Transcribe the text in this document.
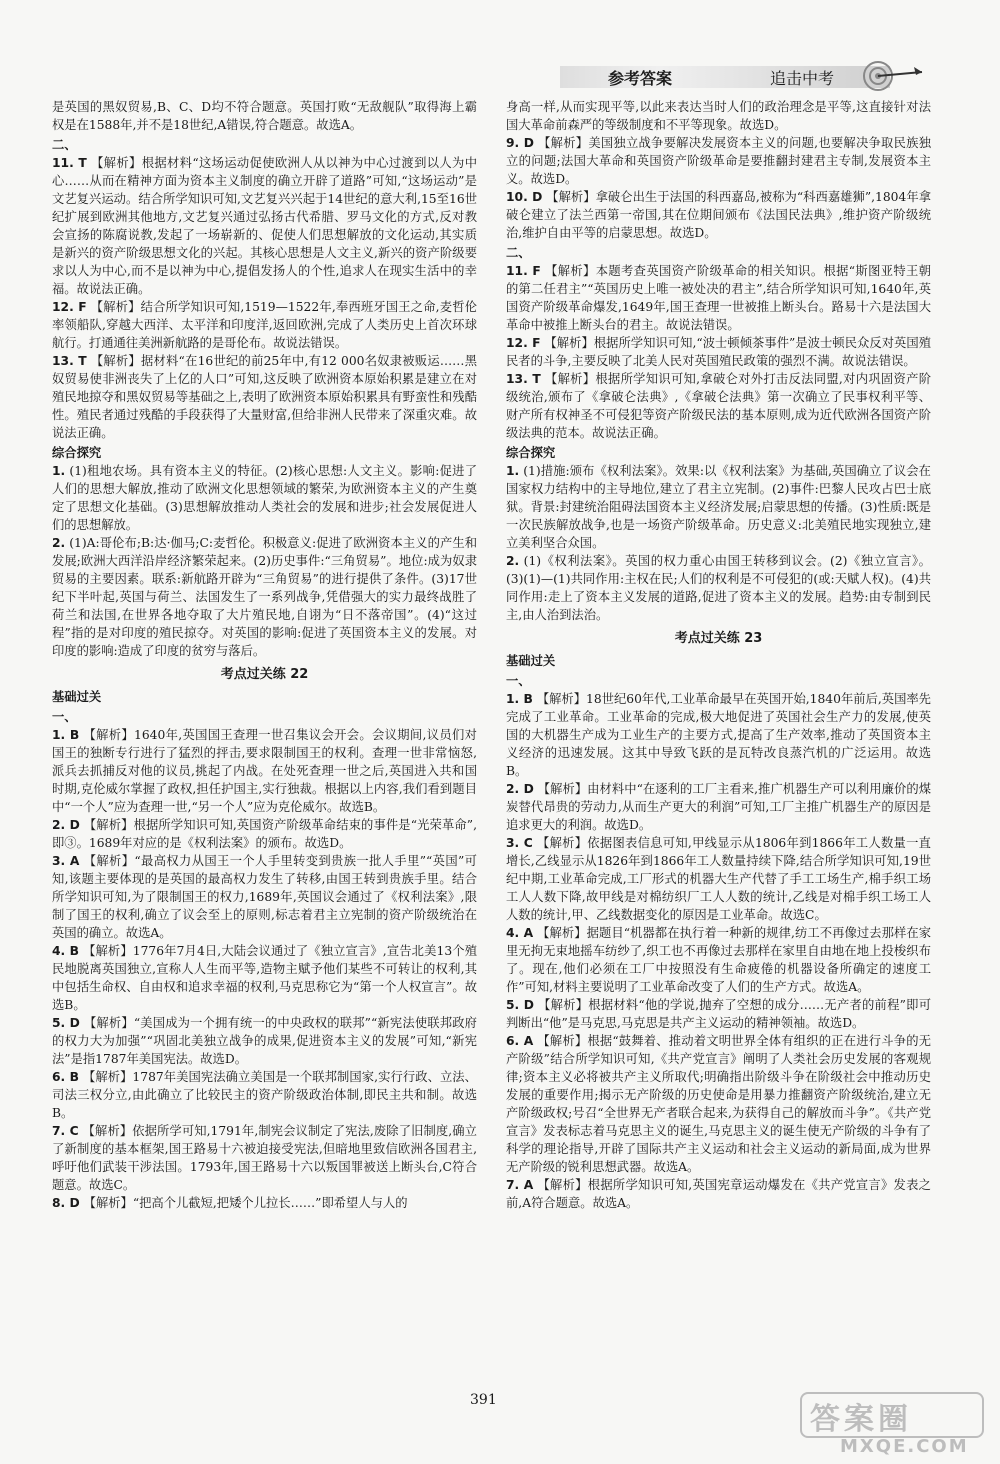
参考答案	追击中考

是英国的黑奴贸易,B、C、D均不符合题意。英国打败“无敌舰队”取得海上霸权是在1588年,并不是18世纪,A错误,符合题意。故选A。

二、

11. T 【解析】根据材料“这场运动促使欧洲人从以神为中心过渡到以人为中心……从而在精神方面为资本主义制度的确立开辟了道路”可知,“这场运动”是文艺复兴运动。结合所学知识可知,文艺复兴兴起于14世纪的意大利,15至16世纪扩展到欧洲其他地方,文艺复兴通过弘扬古代希腊、罗马文化的方式,反对教会宣扬的陈腐说教,发起了一场崭新的、促使人们思想解放的文化运动,其实质是新兴的资产阶级思想文化的兴起。其核心思想是人文主义,新兴的资产阶级要求以人为中心,而不是以神为中心,提倡发扬人的个性,追求人在现实生活中的幸福。故说法正确。

12. F 【解析】结合所学知识可知,1519—1522年,奉西班牙国王之命,麦哲伦率领船队,穿越大西洋、太平洋和印度洋,返回欧洲,完成了人类历史上首次环球航行。打通通往美洲新航路的是哥伦布。故说法错误。

13. T 【解析】据材料“在16世纪的前25年中,有12 000名奴隶被贩运……黑奴贸易使非洲丧失了上亿的人口”可知,这反映了欧洲资本原始积累是建立在对殖民地掠夺和黑奴贸易等基础之上,表明了欧洲资本原始积累具有野蛮性和残酷性。殖民者通过残酷的手段获得了大量财富,但给非洲人民带来了深重灾难。故说法正确。

综合探究

1. (1)租地农场。具有资本主义的特征。(2)核心思想:人文主义。影响:促进了人们的思想大解放,推动了欧洲文化思想领域的繁荣,为欧洲资本主义的产生奠定了思想文化基础。(3)思想解放推动人类社会的发展和进步;社会发展促进人们的思想解放。

2. (1)A:哥伦布;B:达·伽马;C:麦哲伦。积极意义:促进了欧洲资本主义的产生和发展;欧洲大西洋沿岸经济繁荣起来。(2)历史事件:“三角贸易”。地位:成为奴隶贸易的主要因素。联系:新航路开辟为“三角贸易”的进行提供了条件。(3)17世纪下半叶起,英国与荷兰、法国发生了一系列战争,凭借强大的实力最终战胜了荷兰和法国,在世界各地夺取了大片殖民地,自诩为“日不落帝国”。(4)“这过程”指的是对印度的殖民掠夺。对英国的影响:促进了英国资本主义的发展。对印度的影响:造成了印度的贫穷与落后。

考点过关练 22
基础过关
一、

1. B 【解析】1640年,英国国王查理一世召集议会开会。会议期间,议员们对国王的独断专行进行了猛烈的抨击,要求限制国王的权利。查理一世非常恼怒,派兵去抓捕反对他的议员,挑起了内战。在处死查理一世之后,英国进入共和国时期,克伦威尔掌握了政权,担任护国主,实行独裁。根据以上内容,我们看到题目中“一个人”应为查理一世,“另一个人”应为克伦威尔。故选B。

2. D 【解析】根据所学知识可知,英国资产阶级革命结束的事件是“光荣革命”,即③。1689年对应的是《权利法案》的颁布。故选D。

3. A 【解析】“最高权力从国王一个人手里转变到贵族一批人手里”“英国”可知,该题主要体现的是英国的最高权力发生了转移,由国王转到贵族手里。结合所学知识可知,为了限制国王的权力,1689年,英国议会通过了《权利法案》,限制了国王的权利,确立了议会至上的原则,标志着君主立宪制的资产阶级统治在英国的确立。故选A。

4. B 【解析】1776年7月4日,大陆会议通过了《独立宣言》,宣告北美13个殖民地脱离英国独立,宣称人人生而平等,造物主赋予他们某些不可转让的权利,其中包括生命权、自由权和追求幸福的权利,马克思称它为“第一个人权宣言”。故选B。

5. D 【解析】“美国成为一个拥有统一的中央政权的联邦”“新宪法使联邦政府的权力大为加强”“巩固北美独立战争的成果,促进资本主义的发展”可知,“新宪法”是指1787年美国宪法。故选D。

6. B 【解析】1787年美国宪法确立美国是一个联邦制国家,实行行政、立法、司法三权分立,由此确立了比较民主的资产阶级政治体制,即民主共和制。故选B。

7. C 【解析】依据所学可知,1791年,制宪会议制定了宪法,废除了旧制度,确立了新制度的基本框架,国王路易十六被迫接受宪法,但暗地里致信欧洲各国君主,呼吁他们武装干涉法国。1793年,国王路易十六以叛国罪被送上断头台,C符合题意。故选C。

8. D 【解析】“把高个儿截短,把矮个儿拉长……”即希望人与人的

身高一样,从而实现平等,以此来表达当时人们的政治理念是平等,这直接针对法国大革命前森严的等级制度和不平等现象。故选D。

9. D 【解析】美国独立战争要解决发展资本主义的问题,也要解决争取民族独立的问题;法国大革命和英国资产阶级革命是要推翻封建君主专制,发展资本主义。故选D。

10. D 【解析】拿破仑出生于法国的科西嘉岛,被称为“科西嘉雄狮”,1804年拿破仑建立了法兰西第一帝国,其在位期间颁布《法国民法典》,维护资产阶级统治,维护自由平等的启蒙思想。故选D。

二、

11. F 【解析】本题考查英国资产阶级革命的相关知识。根据“斯图亚特王朝的第二任君主”“英国历史上唯一被处决的君主”,结合所学知识可知,1640年,英国资产阶级革命爆发,1649年,国王查理一世被推上断头台。路易十六是法国大革命中被推上断头台的君主。故说法错误。

12. F 【解析】根据所学知识可知,“波士顿倾茶事件”是波士顿民众反对英国殖民者的斗争,主要反映了北美人民对英国殖民政策的强烈不满。故说法错误。

13. T 【解析】根据所学知识可知,拿破仑对外打击反法同盟,对内巩固资产阶级统治,颁布了《拿破仑法典》,《拿破仑法典》第一次确立了民事权利平等、财产所有权神圣不可侵犯等资产阶级民法的基本原则,成为近代欧洲各国资产阶级法典的范本。故说法正确。

综合探究

1. (1)措施:颁布《权利法案》。效果:以《权利法案》为基础,英国确立了议会在国家权力结构中的主导地位,建立了君主立宪制。(2)事件:巴黎人民攻占巴士底狱。背景:封建统治阻碍法国资本主义经济发展;启蒙思想的传播。(3)性质:既是一次民族解放战争,也是一场资产阶级革命。历史意义:北美殖民地实现独立,建立美利坚合众国。

2. (1)《权利法案》。英国的权力重心由国王转移到议会。(2)《独立宣言》。(3)(1)—(1)共同作用:主权在民;人们的权利是不可侵犯的(或:天赋人权)。(4)共同作用:走上了资本主义发展的道路,促进了资本主义的发展。趋势:由专制到民主,由人治到法治。

考点过关练 23
基础过关
一、

1. B 【解析】18世纪60年代,工业革命最早在英国开始,1840年前后,英国率先完成了工业革命。工业革命的完成,极大地促进了英国社会生产力的发展,使英国的大机器生产成为工业生产的主要方式,提高了生产效率,推动了英国资本主义经济的迅速发展。这其中导致飞跃的是瓦特改良蒸汽机的广泛运用。故选B。

2. D 【解析】由材料中“在逐利的工厂主看来,推广机器生产可以利用廉价的煤炭替代昂贵的劳动力,从而生产更大的利润”可知,工厂主推广机器生产的原因是追求更大的利润。故选D。

3. C 【解析】依据图表信息可知,甲线显示从1806年到1866年工人数量一直增长,乙线显示从1826年到1866年工人数量持续下降,结合所学知识可知,19世纪中期,工业革命完成,工厂形式的机器大生产代替了手工工场生产,棉手织工场工人人数下降,故甲线是对棉纺织厂工人人数的统计,乙线是对棉手织工场工人人数的统计,甲、乙线数据变化的原因是工业革命。故选C。

4. A 【解析】据题目“机器都在执行着一种新的规律,纺工不再像过去那样在家里无拘无束地摇车纺纱了,织工也不再像过去那样在家里自由地在地上投梭织布了。现在,他们必须在工厂中按照没有生命疲倦的机器设备所确定的速度工作”可知,材料主要说明了工业革命改变了人们的生产方式。故选A。

5. D 【解析】根据材料“他的学说,抛弃了空想的成分……无产者的前程”即可判断出“他”是马克思,马克思是共产主义运动的精神领袖。故选D。

6. A 【解析】根据“鼓舞着、推动着文明世界全体有组织的正在进行斗争的无产阶级”结合所学知识可知,《共产党宣言》阐明了人类社会历史发展的客观规律;资本主义必将被共产主义所取代;明确指出阶级斗争在阶级社会中推动历史发展的重要作用;揭示无产阶级的历史使命是用暴力推翻资产阶级统治,建立无产阶级政权;号召“全世界无产者联合起来,为获得自己的解放而斗争”。《共产党宣言》发表标志着马克思主义的诞生,马克思主义的诞生使无产阶级的斗争有了科学的理论指导,开辟了国际共产主义运动和社会主义运动的新局面,成为世界无产阶级的锐利思想武器。故选A。

7. A 【解析】根据所学知识可知,英国宪章运动爆发在《共产党宣言》发表之前,A符合题意。故选A。

391
答案圈
MXQE.COM
